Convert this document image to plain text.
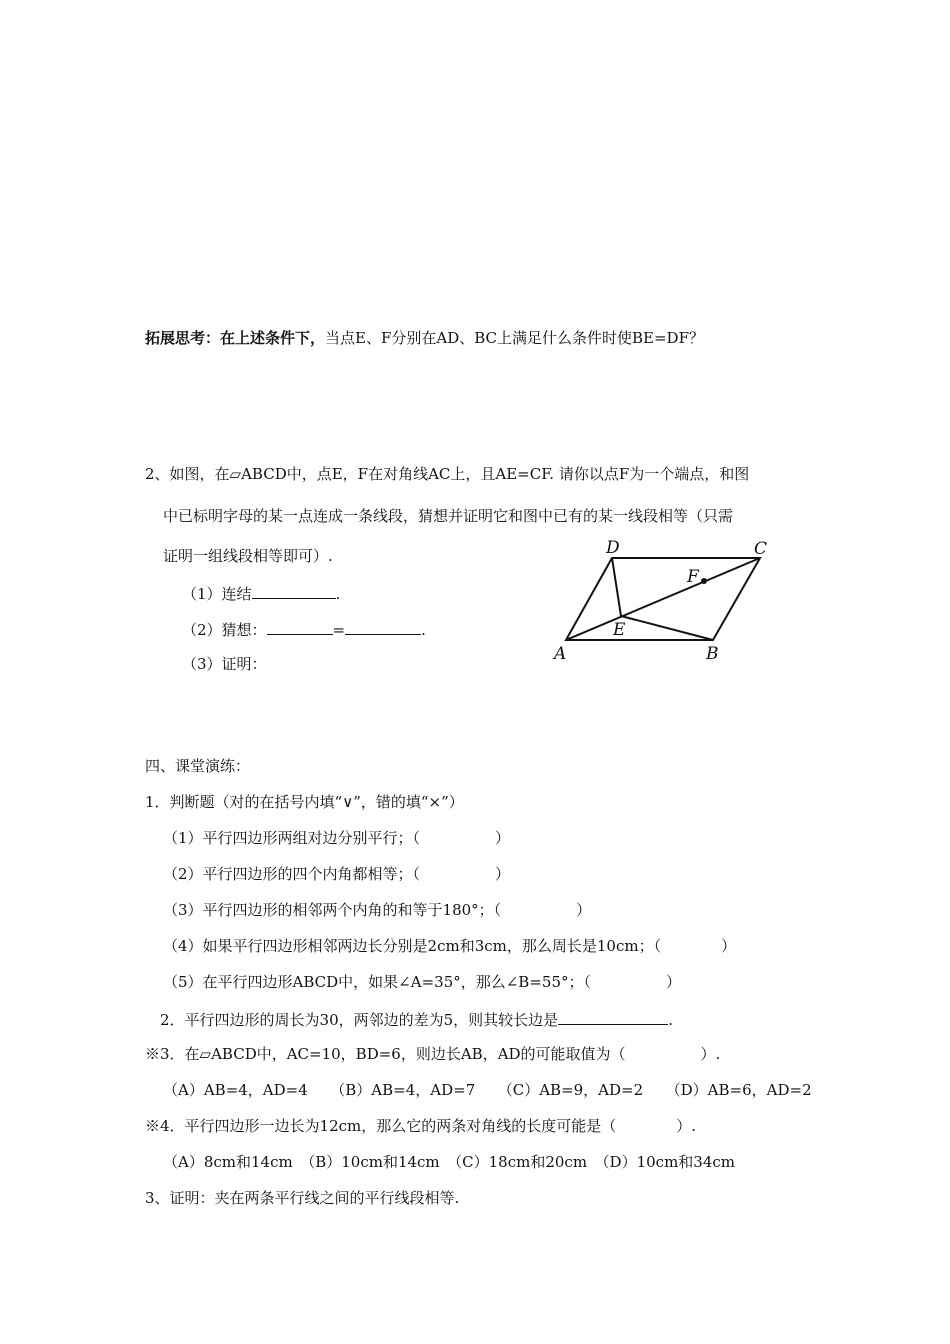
拓展思考：在上述条件下，当点E、F分别在AD、BC上满足什么条件时使BE=DF？
2、如图，在▱ABCD中，点E，F在对角线AC上，且AE=CF. 请你以点F为一个端点，和图
中已标明字母的某一点连成一条线段，猜想并证明它和图中已有的某一线段相等（只需
证明一组线段相等即可）.
（1）连结	.
（2）猜想：	=	.
（3）证明：
D	C
F
E
A	B
四、课堂演练：
1．判断题（对的在括号内填“∨”，错的填“×”）
（1）平行四边形两组对边分别平行；（　　　　　）
（2）平行四边形的四个内角都相等；（　　　　　）
（3）平行四边形的相邻两个内角的和等于180°；（　　　　　）
（4）如果平行四边形相邻两边长分别是2cm和3cm，那么周长是10cm；（　　　　）
（5）在平行四边形ABCD中，如果∠A=35°，那么∠B=55°；（　　　　　）
2．平行四边形的周长为30，两邻边的差为5，则其较长边是	.
※3．在▱ABCD中，AC=10，BD=6，则边长AB，AD的可能取值为（　　　　　）.
（A）AB=4，AD=4　　（B）AB=4，AD=7　　（C）AB=9，AD=2　　（D）AB=6，AD=2
※4．平行四边形一边长为12cm，那么它的两条对角线的长度可能是（　　　　）.
（A）8cm和14cm　（B）10cm和14cm　（C）18cm和20cm　（D）10cm和34cm
3、证明：夹在两条平行线之间的平行线段相等.
